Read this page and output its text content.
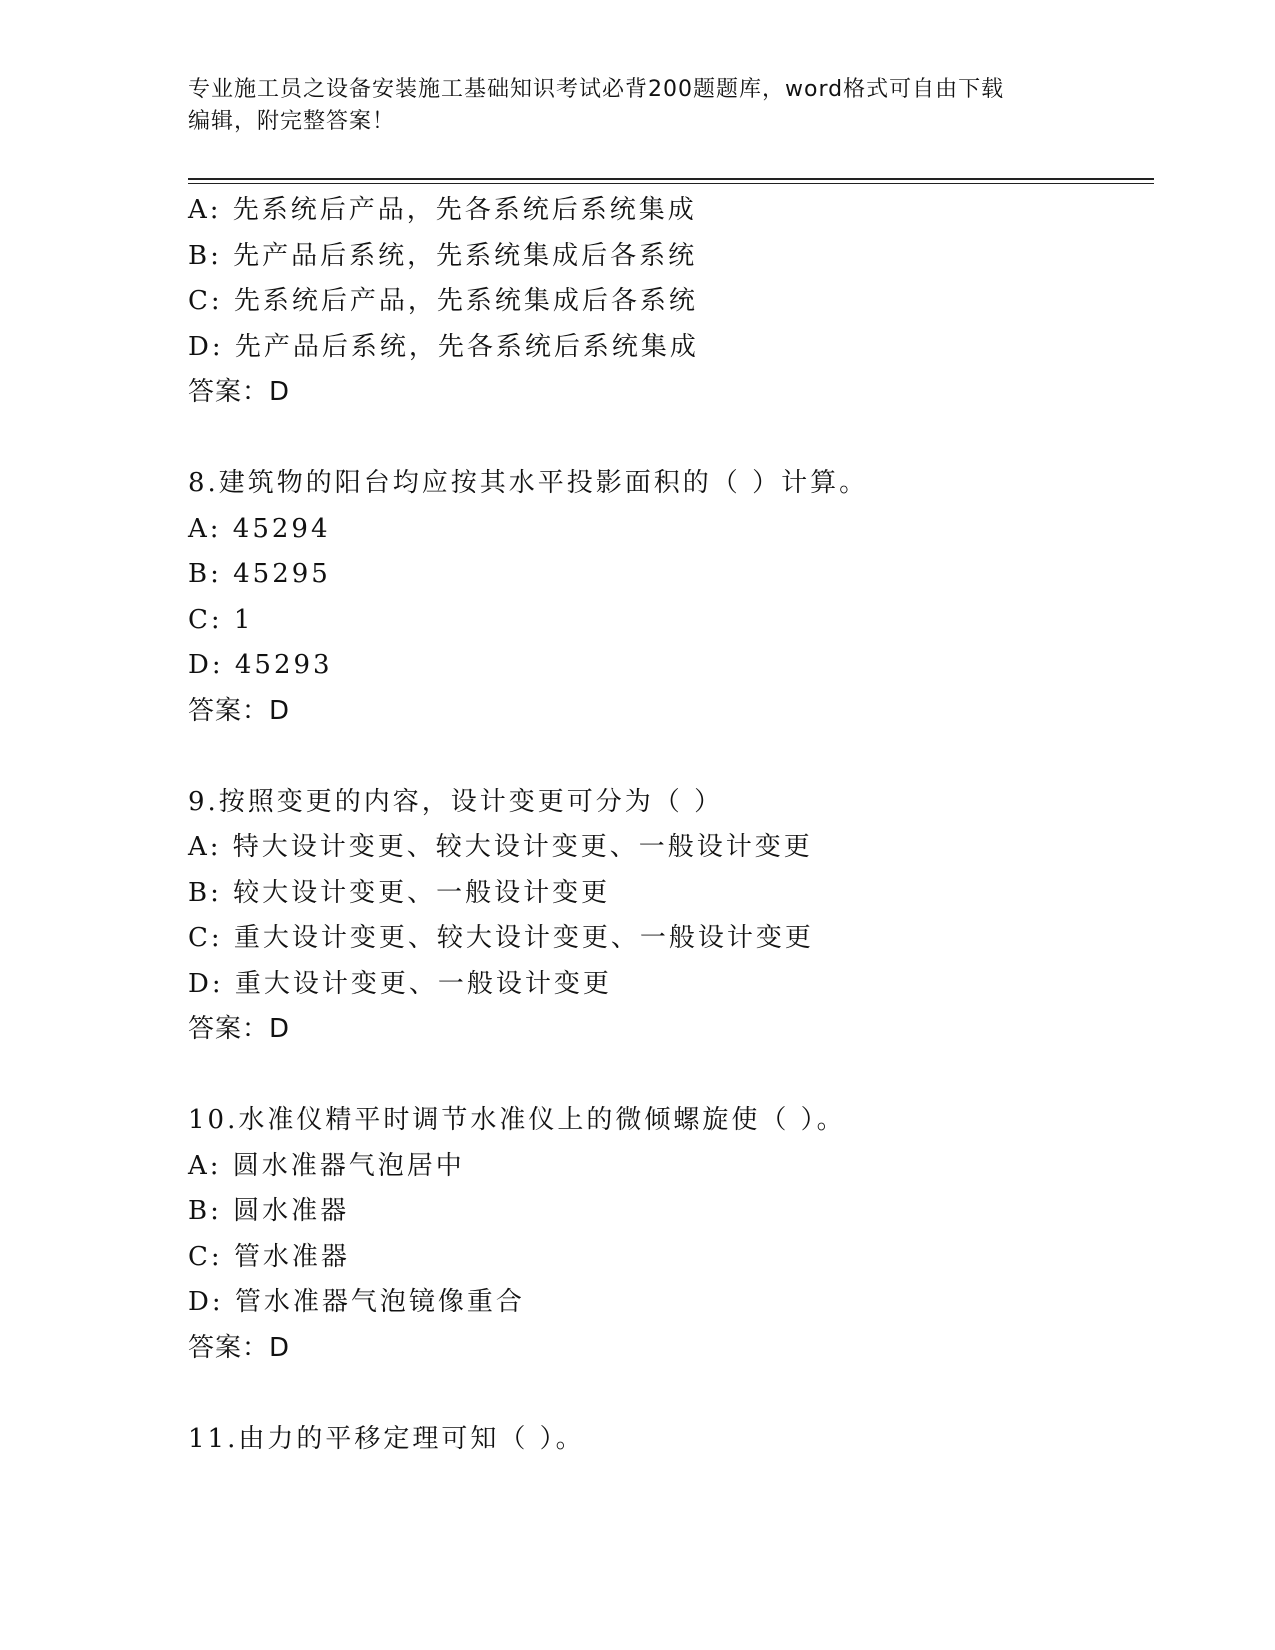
专业施工员之设备安装施工基础知识考试必背200题题库，word格式可自由下载
编辑，附完整答案！
A: 先系统后产品，先各系统后系统集成
B: 先产品后系统，先系统集成后各系统
C: 先系统后产品，先系统集成后各系统
D: 先产品后系统，先各系统后系统集成
答案：D
8.建筑物的阳台均应按其水平投影面积的（ ）计算。
A: 45294
B: 45295
C: 1
D: 45293
答案：D
9.按照变更的内容，设计变更可分为（ ）
A: 特大设计变更、较大设计变更、一般设计变更
B: 较大设计变更、一般设计变更
C: 重大设计变更、较大设计变更、一般设计变更
D: 重大设计变更、一般设计变更
答案：D
10.水准仪精平时调节水准仪上的微倾螺旋使（ ）。
A: 圆水准器气泡居中
B: 圆水准器
C: 管水准器
D: 管水准器气泡镜像重合
答案：D
11.由力的平移定理可知（ ）。
